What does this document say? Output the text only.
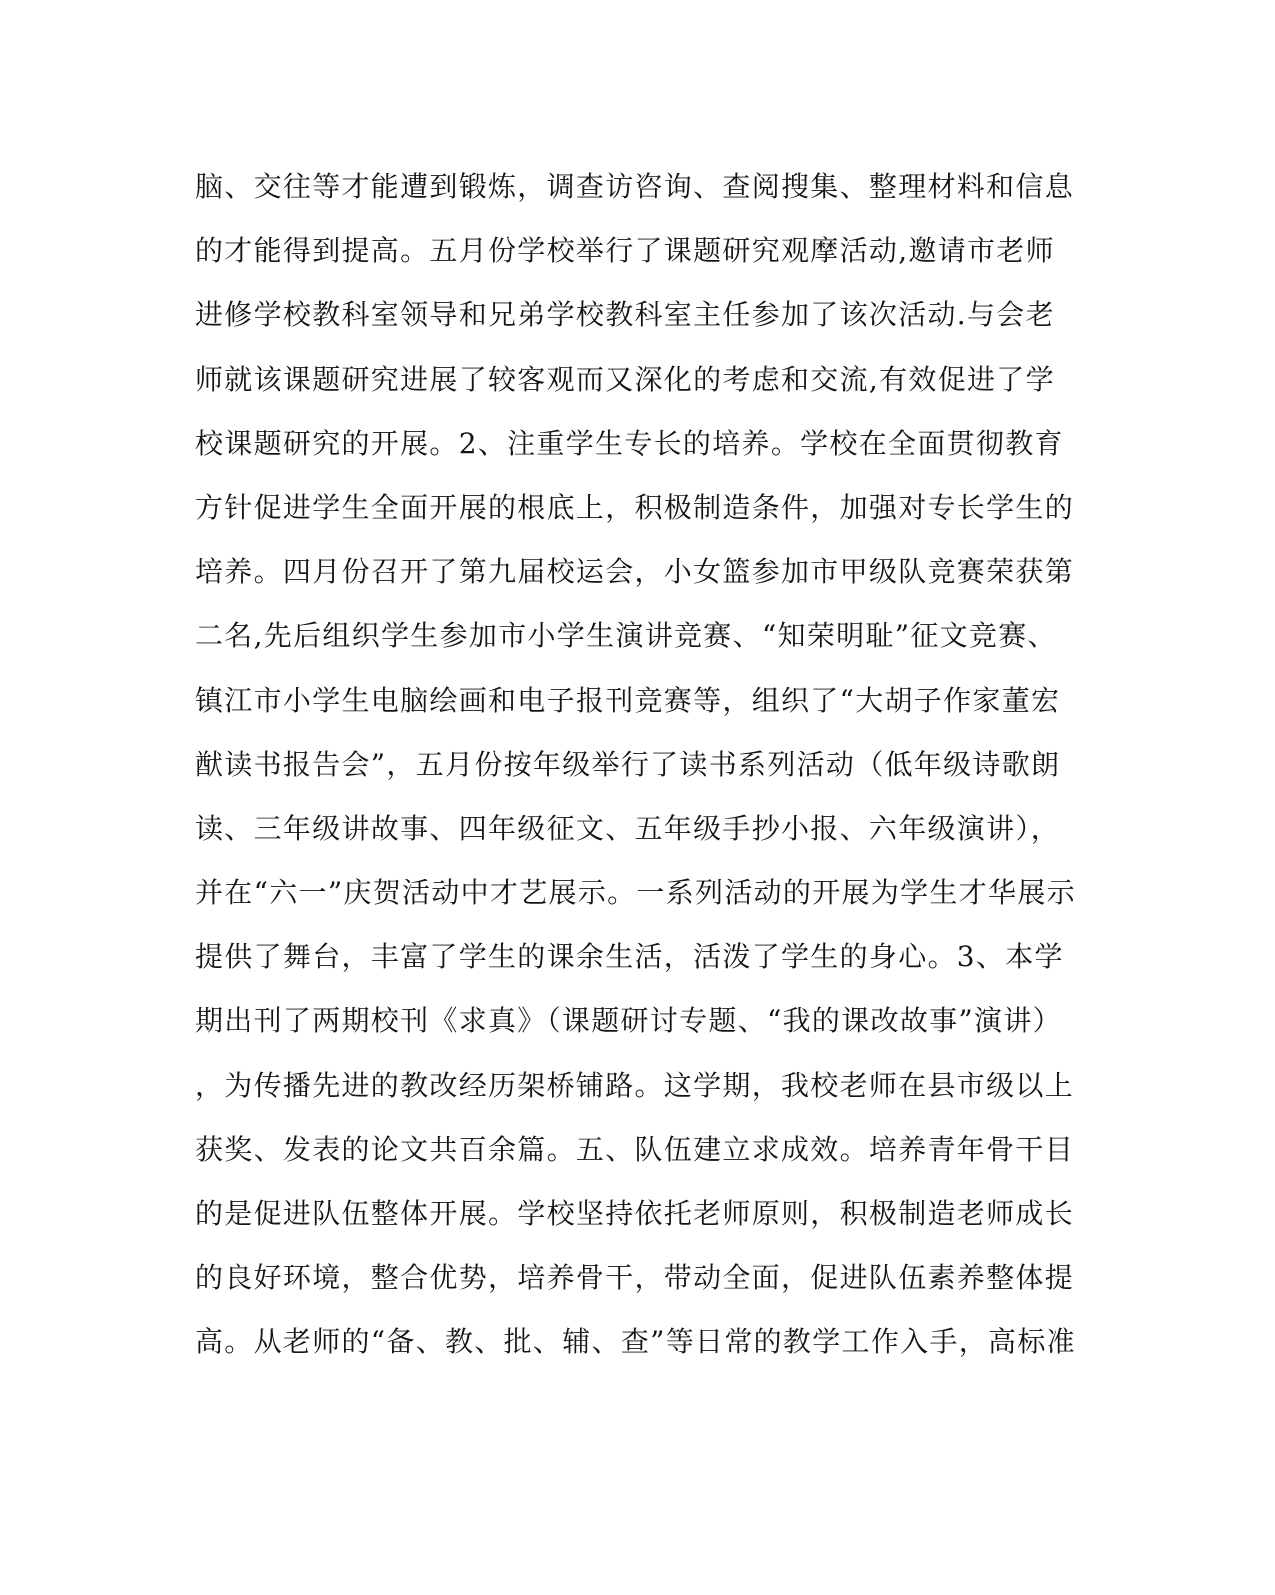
脑、交往等才能遭到锻炼，调查访咨询、查阅搜集、整理材料和信息
的才能得到提高。五月份学校举行了课题研究观摩活动,邀请市老师
进修学校教科室领导和兄弟学校教科室主任参加了该次活动.与会老
师就该课题研究进展了较客观而又深化的考虑和交流,有效促进了学
校课题研究的开展。2、注重学生专长的培养。学校在全面贯彻教育
方针促进学生全面开展的根底上，积极制造条件，加强对专长学生的
培养。四月份召开了第九届校运会，小女篮参加市甲级队竞赛荣获第
二名,先后组织学生参加市小学生演讲竞赛、“知荣明耻”征文竞赛、
镇江市小学生电脑绘画和电子报刊竞赛等，组织了“大胡子作家董宏
猷读书报告会”，五月份按年级举行了读书系列活动（低年级诗歌朗
读、三年级讲故事、四年级征文、五年级手抄小报、六年级演讲），
并在“六一”庆贺活动中才艺展示。一系列活动的开展为学生才华展示
提供了舞台，丰富了学生的课余生活，活泼了学生的身心。3、本学
期出刊了两期校刊《求真》（课题研讨专题、“我的课改故事”演讲）
，为传播先进的教改经历架桥铺路。这学期，我校老师在县市级以上
获奖、发表的论文共百余篇。五、队伍建立求成效。培养青年骨干目
的是促进队伍整体开展。学校坚持依托老师原则，积极制造老师成长
的良好环境，整合优势，培养骨干，带动全面，促进队伍素养整体提
高。从老师的“备、教、批、辅、查”等日常的教学工作入手，高标准
